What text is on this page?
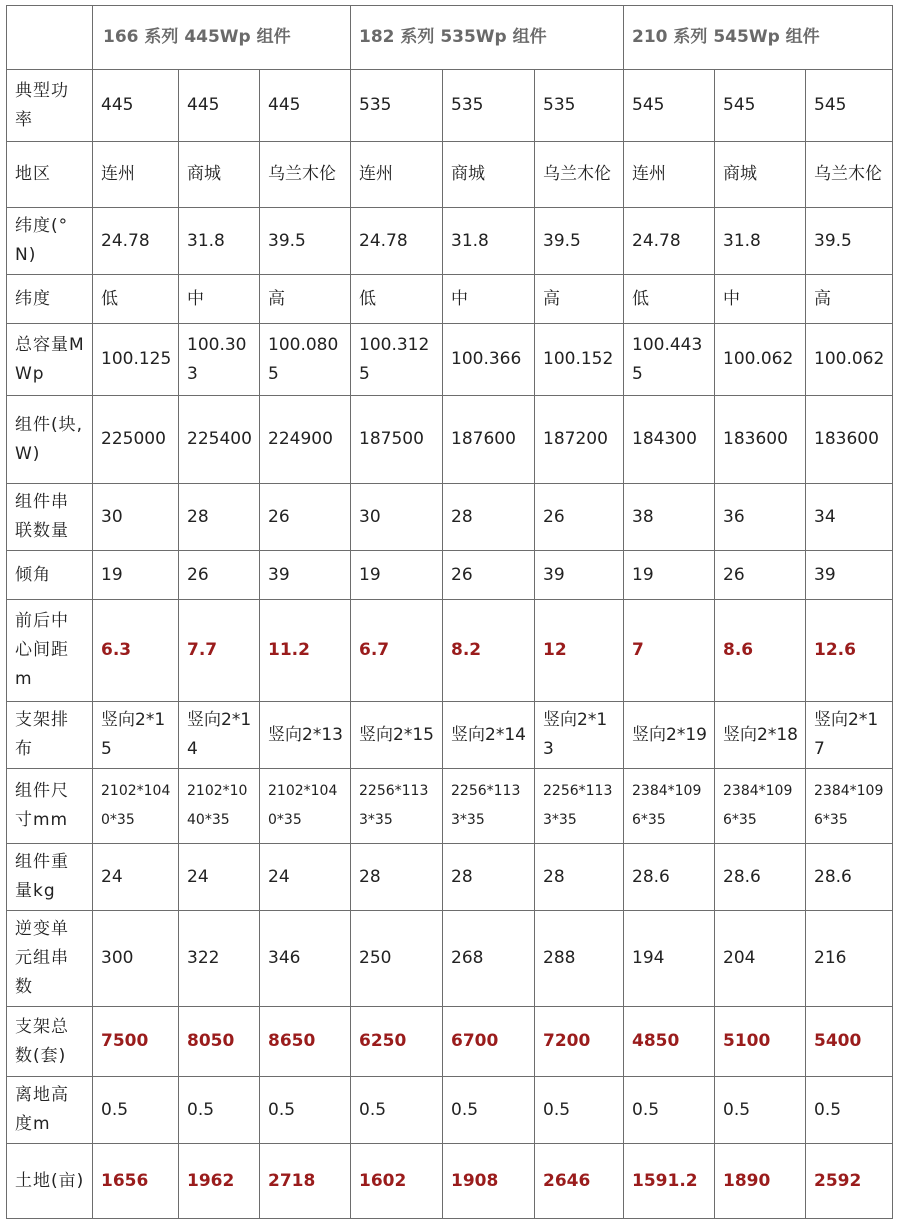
	166 系列 445Wp 组件			182 系列 535Wp 组件			210 系列 545Wp 组件		
典型功率	445	445	445	535	535	535	545	545	545
地区	连州	商城	乌兰木伦	连州	商城	乌兰木伦	连州	商城	乌兰木伦
纬度(°N)	24.78	31.8	39.5	24.78	31.8	39.5	24.78	31.8	39.5
纬度	低	中	高	低	中	高	低	中	高
总容量MWp	100.125	100.303	100.0805	100.3125	100.366	100.152	100.4435	100.062	100.062
组件(块,W)	225000	225400	224900	187500	187600	187200	184300	183600	183600
组件串联数量	30	28	26	30	28	26	38	36	34
倾角	19	26	39	19	26	39	19	26	39
前后中心间距m	6.3	7.7	11.2	6.7	8.2	12	7	8.6	12.6
支架排布	竖向2*15	竖向2*14	竖向2*13	竖向2*15	竖向2*14	竖向2*13	竖向2*19	竖向2*18	竖向2*17
组件尺寸mm	2102*1040*35	2102*1040*35	2102*1040*35	2256*1133*35	2256*1133*35	2256*1133*35	2384*1096*35	2384*1096*35	2384*1096*35
组件重量kg	24	24	24	28	28	28	28.6	28.6	28.6
逆变单元组串数	300	322	346	250	268	288	194	204	216
支架总数(套)	7500	8050	8650	6250	6700	7200	4850	5100	5400
离地高度m	0.5	0.5	0.5	0.5	0.5	0.5	0.5	0.5	0.5
土地(亩)	1656	1962	2718	1602	1908	2646	1591.2	1890	2592
